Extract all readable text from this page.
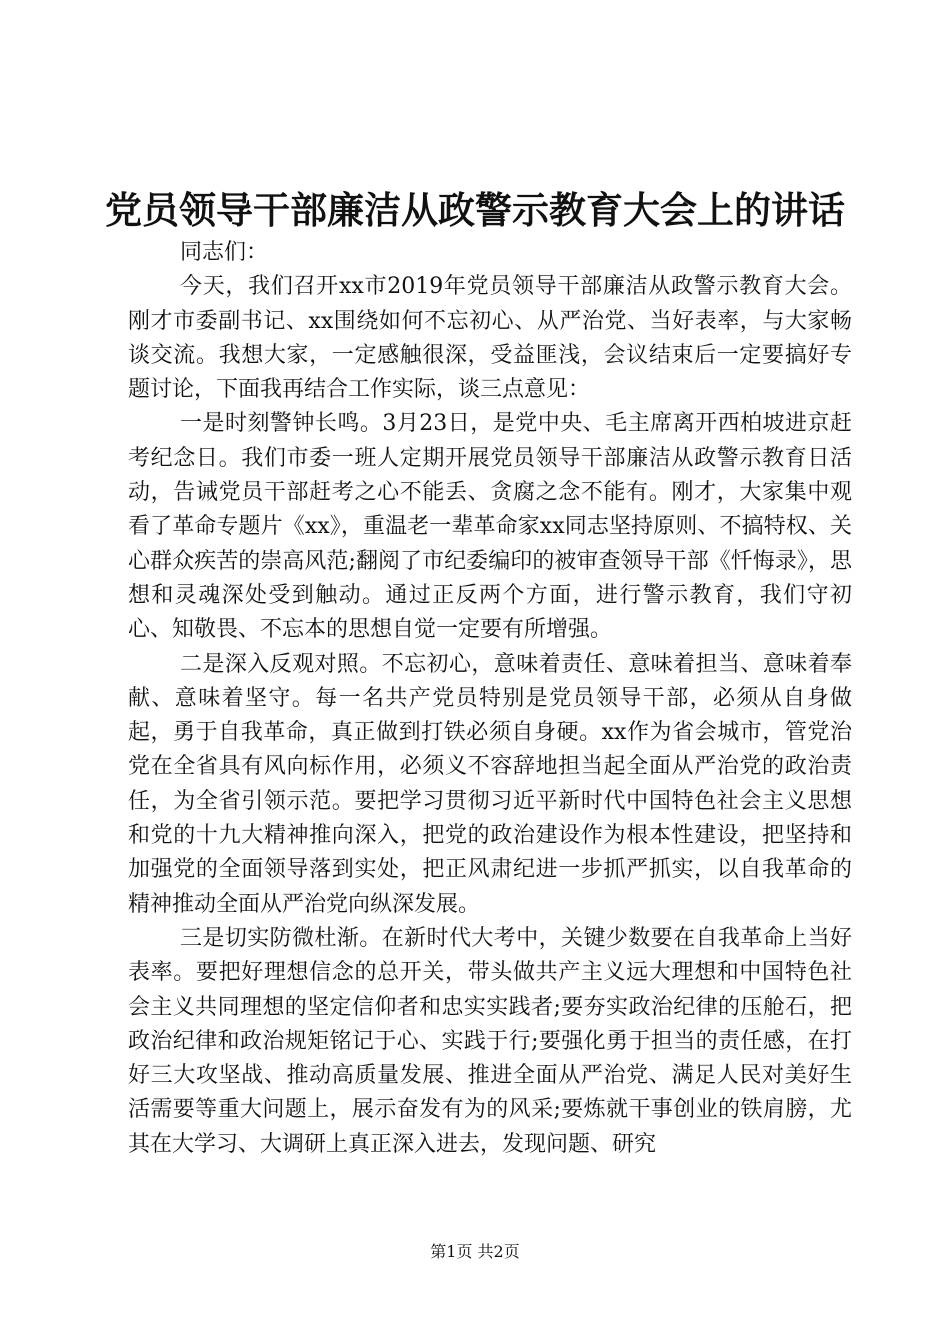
党员领导干部廉洁从政警示教育大会上的讲话

同志们：

今天，我们召开xx市2019年党员领导干部廉洁从政警示教育大会。刚才市委副书记、xx围绕如何不忘初心、从严治党、当好表率，与大家畅谈交流。我想大家，一定感触很深，受益匪浅，会议结束后一定要搞好专题讨论，下面我再结合工作实际，谈三点意见：

一是时刻警钟长鸣。3月23日，是党中央、毛主席离开西柏坡进京赶考纪念日。我们市委一班人定期开展党员领导干部廉洁从政警示教育日活动，告诫党员干部赶考之心不能丢、贪腐之念不能有。刚才，大家集中观看了革命专题片《xx》，重温老一辈革命家xx同志坚持原则、不搞特权、关心群众疾苦的崇高风范;翻阅了市纪委编印的被审查领导干部《忏悔录》，思想和灵魂深处受到触动。通过正反两个方面，进行警示教育，我们守初心、知敬畏、不忘本的思想自觉一定要有所增强。

二是深入反观对照。不忘初心，意味着责任、意味着担当、意味着奉献、意味着坚守。每一名共产党员特别是党员领导干部，必须从自身做起，勇于自我革命，真正做到打铁必须自身硬。xx作为省会城市，管党治党在全省具有风向标作用，必须义不容辞地担当起全面从严治党的政治责任，为全省引领示范。要把学习贯彻习近平新时代中国特色社会主义思想和党的十九大精神推向深入，把党的政治建设作为根本性建设，把坚持和加强党的全面领导落到实处，把正风肃纪进一步抓严抓实，以自我革命的精神推动全面从严治党向纵深发展。

三是切实防微杜渐。在新时代大考中，关键少数要在自我革命上当好表率。要把好理想信念的总开关，带头做共产主义远大理想和中国特色社会主义共同理想的坚定信仰者和忠实实践者;要夯实政治纪律的压舱石，把政治纪律和政治规矩铭记于心、实践于行;要强化勇于担当的责任感，在打好三大攻坚战、推动高质量发展、推进全面从严治党、满足人民对美好生活需要等重大问题上，展示奋发有为的风采;要炼就干事创业的铁肩膀，尤其在大学习、大调研上真正深入进去，发现问题、研究

第1页 共2页
